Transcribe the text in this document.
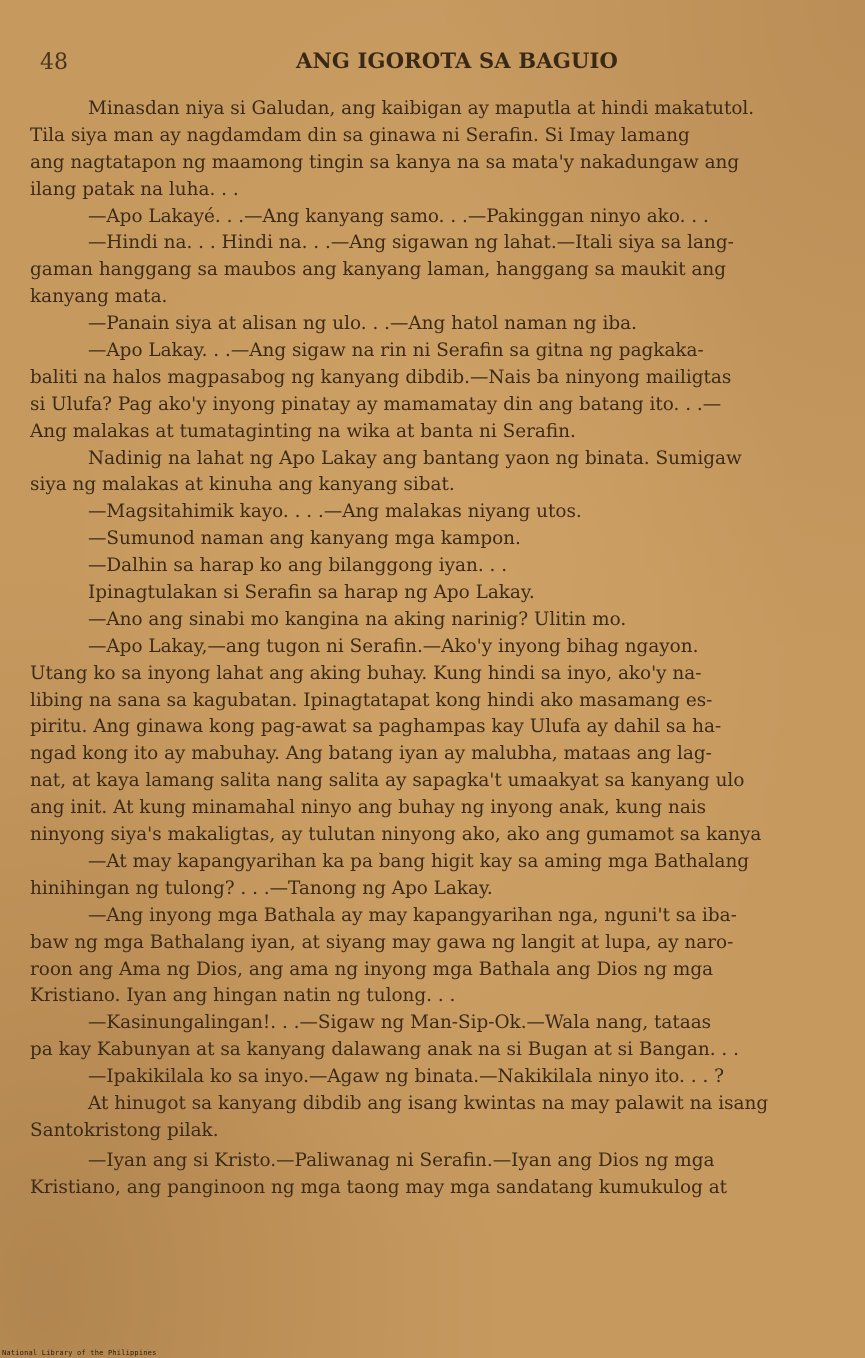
48	ANG IGOROTA SA BAGUIO
Minasdan niya si Galudan, ang kaibigan ay maputla at hindi makatutol.
Tila siya man ay nagdamdam din sa ginawa ni Serafin. Si Imay lamang
ang nagtatapon ng maamong tingin sa kanya na sa mata'y nakadungaw ang
ilang patak na luha. . .
—Apo Lakayé. . .—Ang kanyang samo. . .—Pakinggan ninyo ako. . .
—Hindi na. . . Hindi na. . .—Ang sigawan ng lahat.—Itali siya sa lang-
gaman hanggang sa maubos ang kanyang laman, hanggang sa maukit ang
kanyang mata.
—Panain siya at alisan ng ulo. . .—Ang hatol naman ng iba.
—Apo Lakay. . .—Ang sigaw na rin ni Serafin sa gitna ng pagkaka-
baliti na halos magpasabog ng kanyang dibdib.—Nais ba ninyong mailigtas
si Ulufa? Pag ako'y inyong pinatay ay mamamatay din ang batang ito. . .—
Ang malakas at tumataginting na wika at banta ni Serafin.
Nadinig na lahat ng Apo Lakay ang bantang yaon ng binata. Sumigaw
siya ng malakas at kinuha ang kanyang sibat.
—Magsitahimik kayo. . . .—Ang malakas niyang utos.
—Sumunod naman ang kanyang mga kampon.
—Dalhin sa harap ko ang bilanggong iyan. . .
Ipinagtulakan si Serafin sa harap ng Apo Lakay.
—Ano ang sinabi mo kangina na aking narinig? Ulitin mo.
—Apo Lakay,—ang tugon ni Serafin.—Ako'y inyong bihag ngayon.
Utang ko sa inyong lahat ang aking buhay. Kung hindi sa inyo, ako'y na-
libing na sana sa kagubatan. Ipinagtatapat kong hindi ako masamang es-
piritu. Ang ginawa kong pag-awat sa paghampas kay Ulufa ay dahil sa ha-
ngad kong ito ay mabuhay. Ang batang iyan ay malubha, mataas ang lag-
nat, at kaya lamang salita nang salita ay sapagka't umaakyat sa kanyang ulo
ang init. At kung minamahal ninyo ang buhay ng inyong anak, kung nais
ninyong siya's makaligtas, ay tulutan ninyong ako, ako ang gumamot sa kanya
—At may kapangyarihan ka pa bang higit kay sa aming mga Bathalang
hinihingan ng tulong? . . .—Tanong ng Apo Lakay.
—Ang inyong mga Bathala ay may kapangyarihan nga, nguni't sa iba-
baw ng mga Bathalang iyan, at siyang may gawa ng langit at lupa, ay naro-
roon ang Ama ng Dios, ang ama ng inyong mga Bathala ang Dios ng mga
Kristiano. Iyan ang hingan natin ng tulong. . .
—Kasinungalingan!. . .—Sigaw ng Man-Sip-Ok.—Wala nang, tataas
pa kay Kabunyan at sa kanyang dalawang anak na si Bugan at si Bangan. . .
—Ipakikilala ko sa inyo.—Agaw ng binata.—Nakikilala ninyo ito. . . ?
At hinugot sa kanyang dibdib ang isang kwintas na may palawit na isang
Santokristong pilak.
—Iyan ang si Kristo.—Paliwanag ni Serafin.—Iyan ang Dios ng mga
Kristiano, ang panginoon ng mga taong may mga sandatang kumukulog at
National Library of the Philippines
